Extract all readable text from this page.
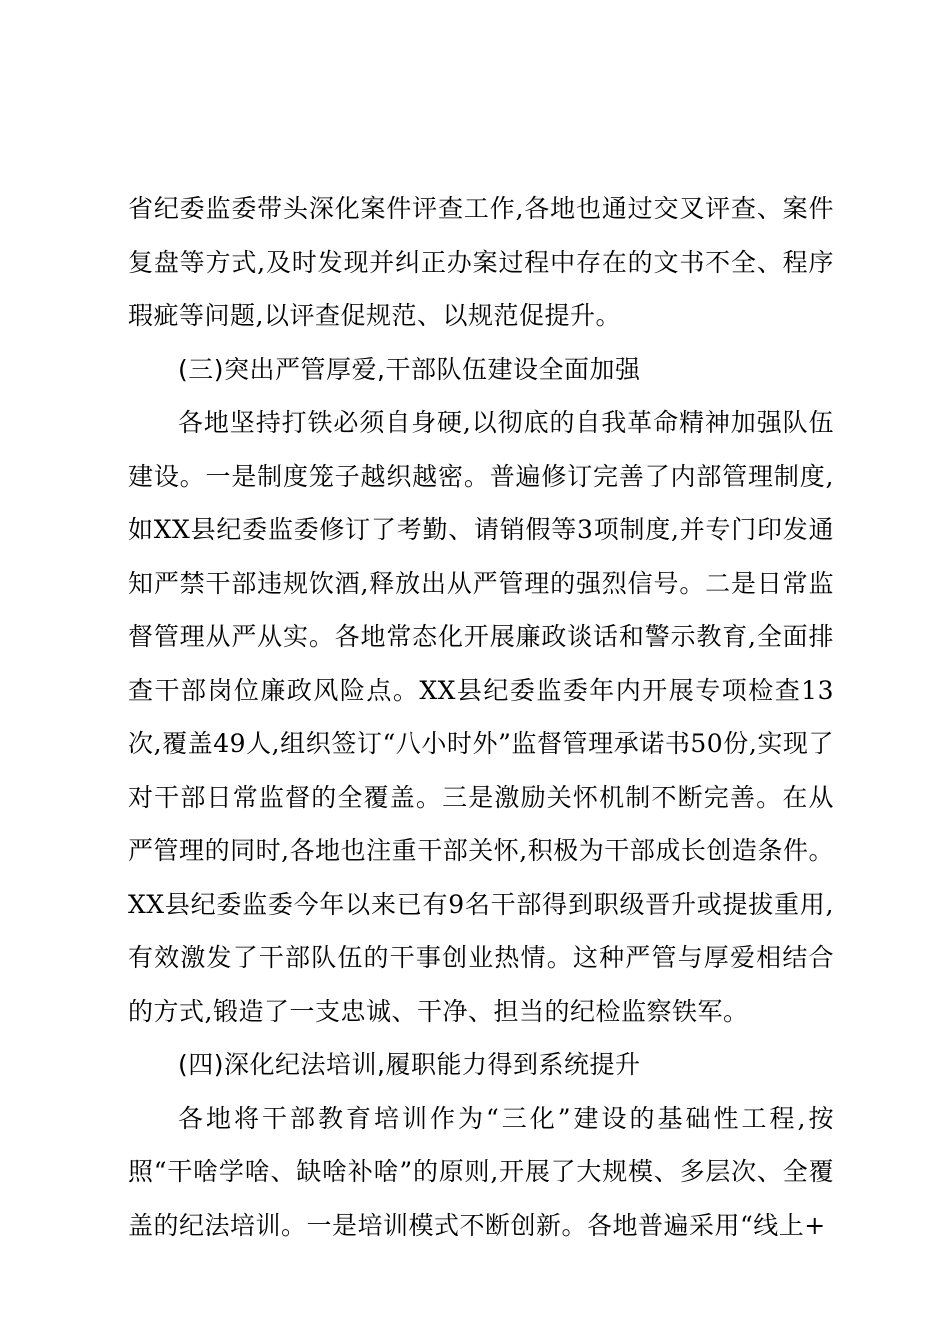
省纪委监委带头深化案件评查工作,各地也通过交叉评查、案件复盘等方式,及时发现并纠正办案过程中存在的文书不全、程序瑕疵等问题,以评查促规范、以规范促提升。

(三)突出严管厚爱,干部队伍建设全面加强

各地坚持打铁必须自身硬,以彻底的自我革命精神加强队伍建设。一是制度笼子越织越密。普遍修订完善了内部管理制度,如XX县纪委监委修订了考勤、请销假等3项制度,并专门印发通知严禁干部违规饮酒,释放出从严管理的强烈信号。二是日常监督管理从严从实。各地常态化开展廉政谈话和警示教育,全面排查干部岗位廉政风险点。XX县纪委监委年内开展专项检查13次,覆盖49人,组织签订“八小时外”监督管理承诺书50份,实现了对干部日常监督的全覆盖。三是激励关怀机制不断完善。在从严管理的同时,各地也注重干部关怀,积极为干部成长创造条件。XX县纪委监委今年以来已有9名干部得到职级晋升或提拔重用,有效激发了干部队伍的干事创业热情。这种严管与厚爱相结合的方式,锻造了一支忠诚、干净、担当的纪检监察铁军。

(四)深化纪法培训,履职能力得到系统提升

各地将干部教育培训作为“三化”建设的基础性工程,按照“干啥学啥、缺啥补啥”的原则,开展了大规模、多层次、全覆盖的纪法培训。一是培训模式不断创新。各地普遍采用“线上+
